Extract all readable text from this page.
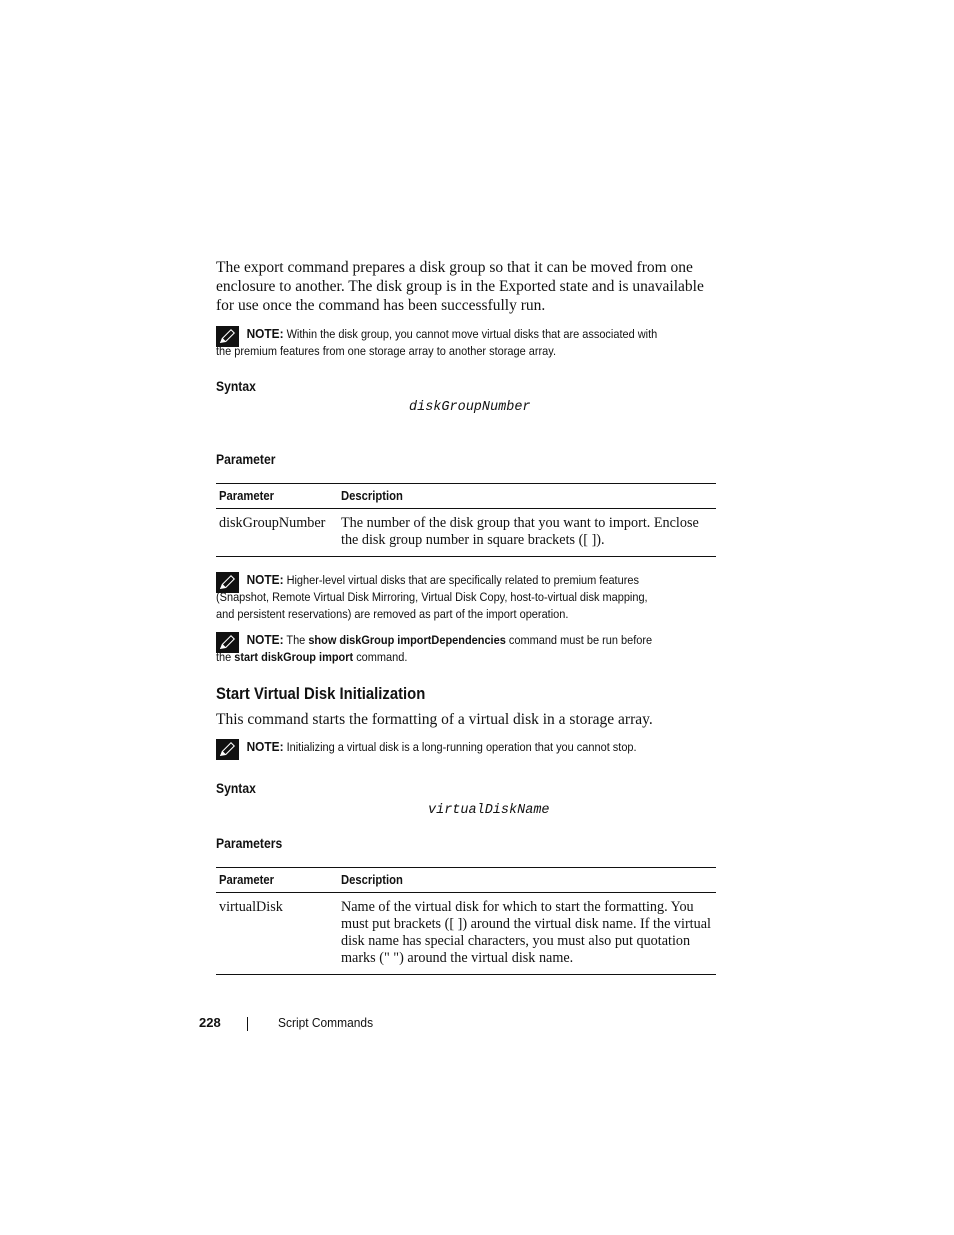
The export command prepares a disk group so that it can be moved from one enclosure to another. The disk group is in the Exported state and is unavailable for use once the command has been successfully run.

NOTE: Within the disk group, you cannot move virtual disks that are associated with the premium features from one storage array to another storage array.

Syntax

diskGroupNumber

Parameter

Parameter	Description
diskGroupNumber	The number of the disk group that you want to import. Enclose the disk group number in square brackets ([ ]).
NOTE: Higher-level virtual disks that are specifically related to premium features (Snapshot, Remote Virtual Disk Mirroring, Virtual Disk Copy, host-to-virtual disk mapping, and persistent reservations) are removed as part of the import operation.
NOTE: The show diskGroup importDependencies command must be run before the start diskGroup import command.

Start Virtual Disk Initialization

This command starts the formatting of a virtual disk in a storage array.

NOTE: Initializing a virtual disk is a long-running operation that you cannot stop.

Syntax

virtualDiskName

Parameters

Parameter	Description
virtualDisk	Name of the virtual disk for which to start the formatting. You must put brackets ([ ]) around the virtual disk name. If the virtual disk name has special characters, you must also put quotation marks (" ") around the virtual disk name.
228	Script Commands
